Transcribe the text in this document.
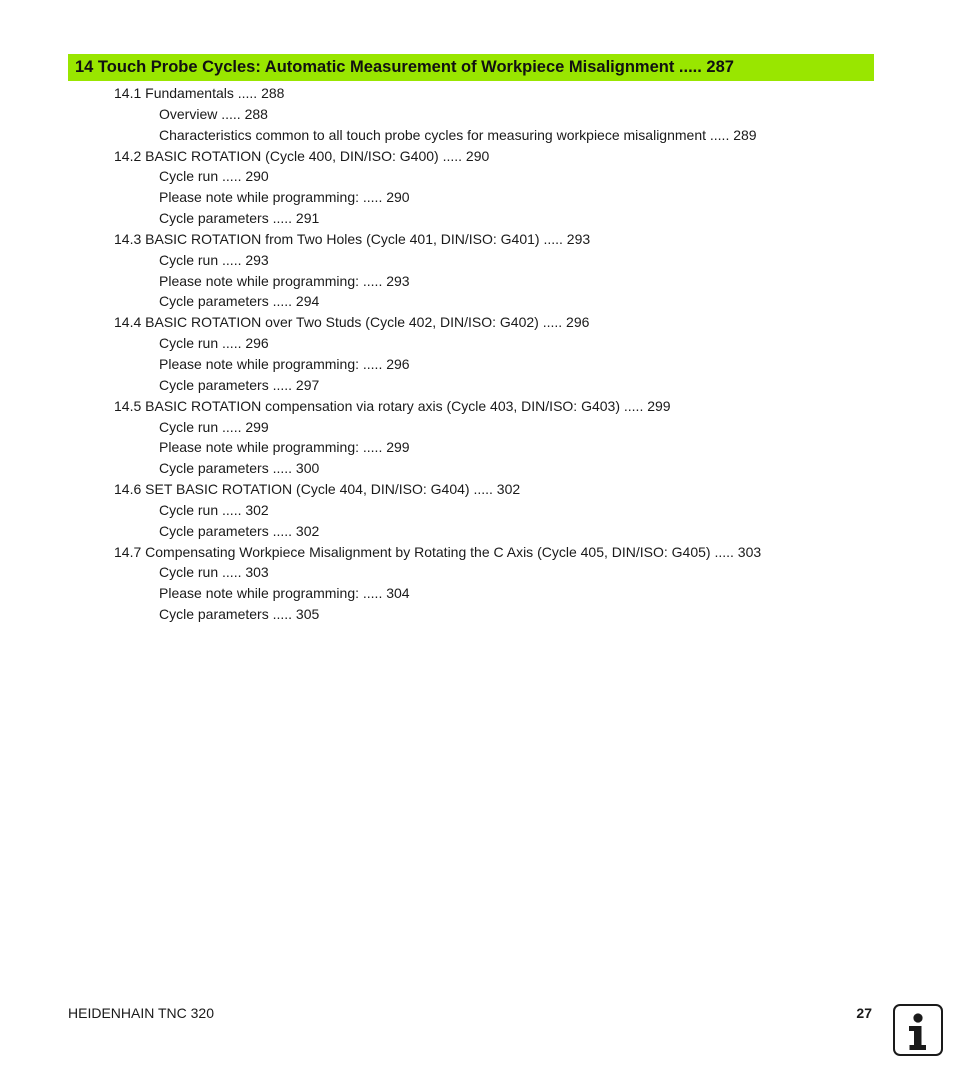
14 Touch Probe Cycles: Automatic Measurement of Workpiece Misalignment ..... 287
14.1 Fundamentals ..... 288
Overview ..... 288
Characteristics common to all touch probe cycles for measuring workpiece misalignment ..... 289
14.2 BASIC ROTATION (Cycle 400, DIN/ISO: G400) ..... 290
Cycle run ..... 290
Please note while programming: ..... 290
Cycle parameters ..... 291
14.3 BASIC ROTATION from Two Holes (Cycle 401, DIN/ISO: G401) ..... 293
Cycle run ..... 293
Please note while programming: ..... 293
Cycle parameters ..... 294
14.4 BASIC ROTATION over Two Studs (Cycle 402, DIN/ISO: G402) ..... 296
Cycle run ..... 296
Please note while programming: ..... 296
Cycle parameters ..... 297
14.5 BASIC ROTATION compensation via rotary axis (Cycle 403, DIN/ISO: G403) ..... 299
Cycle run ..... 299
Please note while programming: ..... 299
Cycle parameters ..... 300
14.6 SET BASIC ROTATION (Cycle 404, DIN/ISO: G404) ..... 302
Cycle run ..... 302
Cycle parameters ..... 302
14.7 Compensating Workpiece Misalignment by Rotating the C Axis (Cycle 405, DIN/ISO: G405) ..... 303
Cycle run ..... 303
Please note while programming: ..... 304
Cycle parameters ..... 305
HEIDENHAIN TNC 320	27
